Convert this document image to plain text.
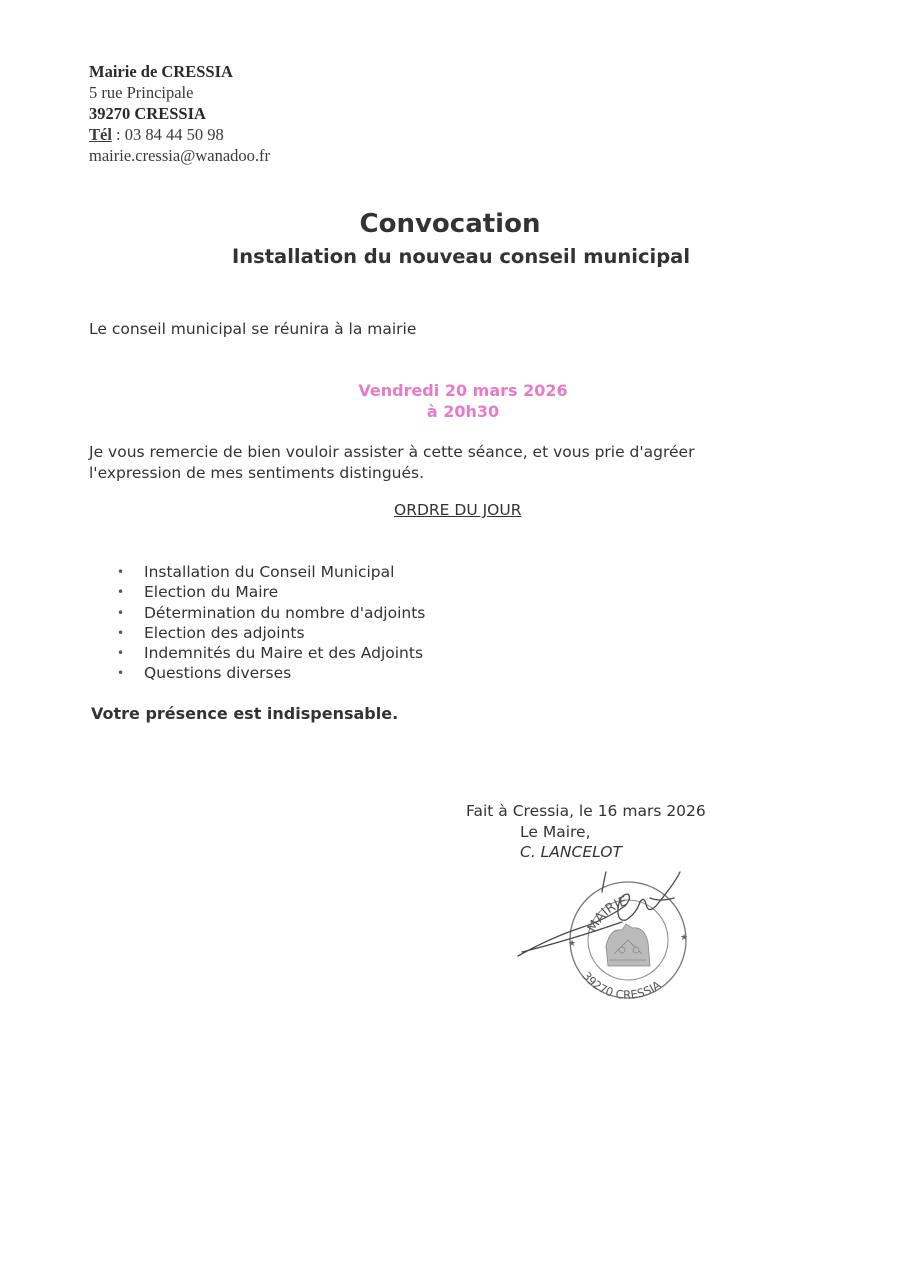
Mairie de CRESSIA
5 rue Principale
39270 CRESSIA
Tél : 03 84 44 50 98
mairie.cressia@wanadoo.fr
Convocation
Installation du nouveau conseil municipal
Le conseil municipal se réunira à la mairie
Vendredi 20 mars 2026
à 20h30
Je vous remercie de bien vouloir assister à cette séance, et vous prie d'agréer l'expression de mes sentiments distingués.
ORDRE DU JOUR
• Installation du Conseil Municipal
• Election du Maire
• Détermination du nombre d'adjoints
• Election des adjoints
• Indemnités du Maire et des Adjoints
• Questions diverses
Votre présence est indispensable.
Fait à Cressia, le 16 mars 2026
Le Maire,
C. LANCELOT
MAIRIE
39270 CRESSIA
★
★
